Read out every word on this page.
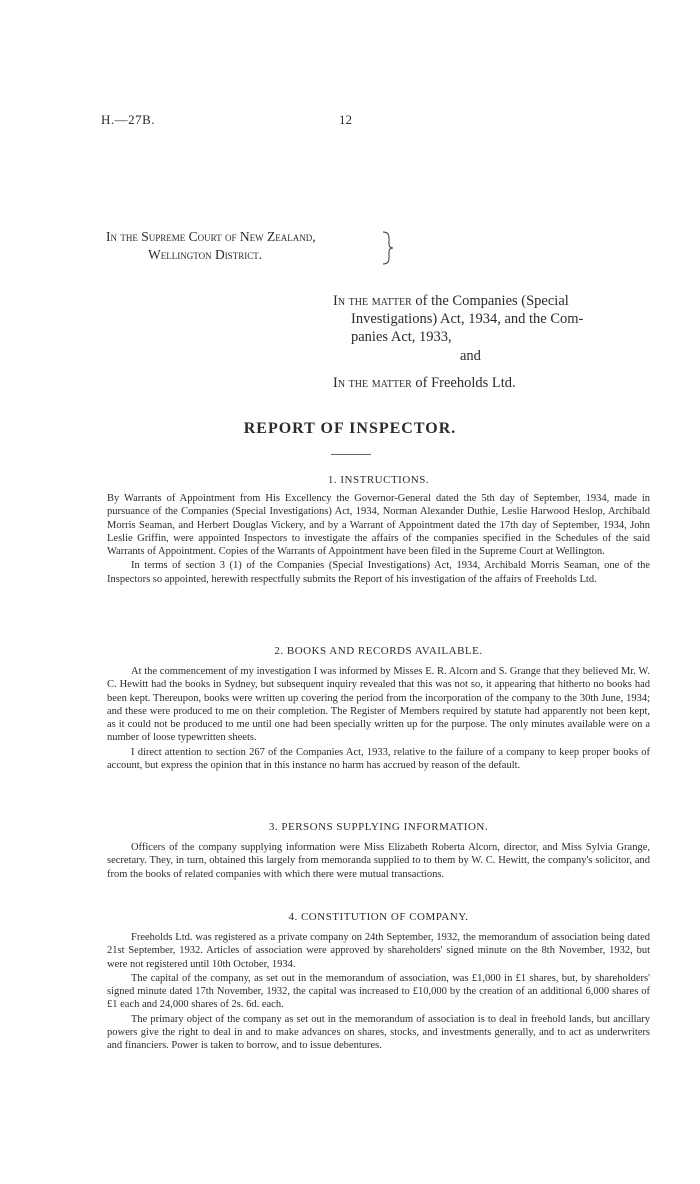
H.—27B.	12
In the Supreme Court of New Zealand,
Wellington District.
In the matter of the Companies (Special
Investigations) Act, 1934, and the Com-
panies Act, 1933,
and
In the matter of Freeholds Ltd.
REPORT OF INSPECTOR.
1. INSTRUCTIONS.

By Warrants of Appointment from His Excellency the Governor-General dated the 5th day of September, 1934, made in pursuance of the Companies (Special Investigations) Act, 1934, Norman Alexander Duthie, Leslie Harwood Heslop, Archibald Morris Seaman, and Herbert Douglas Vickery, and by a Warrant of Appointment dated the 17th day of September, 1934, John Leslie Griffin, were appointed Inspectors to investigate the affairs of the companies specified in the Schedules of the said Warrants of Appointment. Copies of the Warrants of Appointment have been filed in the Supreme Court at Wellington.

In terms of section 3 (1) of the Companies (Special Investigations) Act, 1934, Archibald Morris Seaman, one of the Inspectors so appointed, herewith respectfully submits the Report of his investigation of the affairs of Freeholds Ltd.

2. BOOKS AND RECORDS AVAILABLE.

At the commencement of my investigation I was informed by Misses E. R. Alcorn and S. Grange that they believed Mr. W. C. Hewitt had the books in Sydney, but subsequent inquiry revealed that this was not so, it appearing that hitherto no books had been kept. Thereupon, books were written up covering the period from the incorporation of the company to the 30th June, 1934; and these were produced to me on their completion. The Register of Members required by statute had apparently not been kept, as it could not be produced to me until one had been specially written up for the purpose. The only minutes available were on a number of loose typewritten sheets.

I direct attention to section 267 of the Companies Act, 1933, relative to the failure of a company to keep proper books of account, but express the opinion that in this instance no harm has accrued by reason of the default.

3. PERSONS SUPPLYING INFORMATION.

Officers of the company supplying information were Miss Elizabeth Roberta Alcorn, director, and Miss Sylvia Grange, secretary. They, in turn, obtained this largely from memoranda supplied to to them by W. C. Hewitt, the company's solicitor, and from the books of related companies with which there were mutual transactions.

4. CONSTITUTION OF COMPANY.

Freeholds Ltd. was registered as a private company on 24th September, 1932, the memorandum of association being dated 21st September, 1932. Articles of association were approved by shareholders' signed minute on the 8th November, 1932, but were not registered until 10th October, 1934.

The capital of the company, as set out in the memorandum of association, was £1,000 in £1 shares, but, by shareholders' signed minute dated 17th November, 1932, the capital was increased to £10,000 by the creation of an additional 6,000 shares of £1 each and 24,000 shares of 2s. 6d. each.

The primary object of the company as set out in the memorandum of association is to deal in freehold lands, but ancillary powers give the right to deal in and to make advances on shares, stocks, and investments generally, and to act as underwriters and financiers. Power is taken to borrow, and to issue debentures.
